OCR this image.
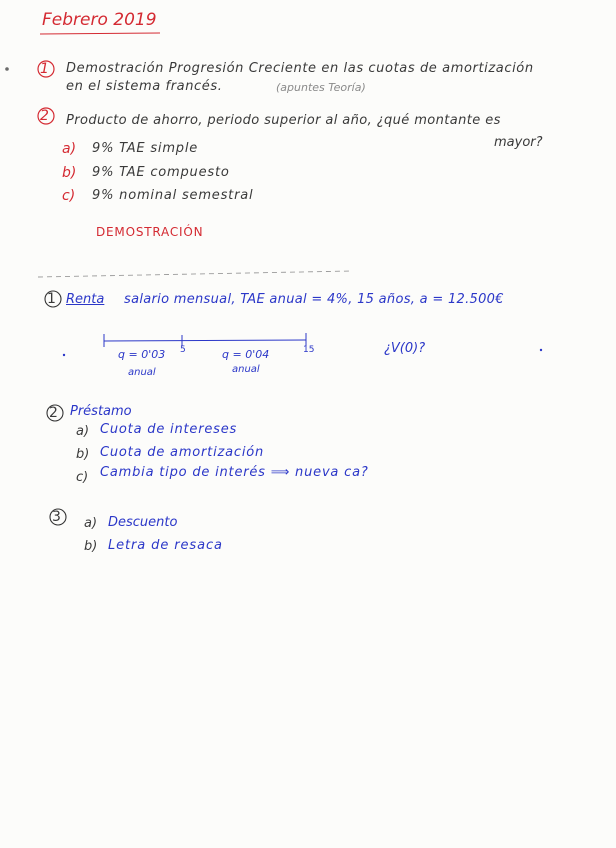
Febrero 2019
1 Demostración Progresión Creciente en las cuotas de amortización
en el sistema francés.	(apuntes Teoría)
2 Producto de ahorro, periodo superior al año, ¿qué montante es
mayor?
a) 9% TAE simple
b) 9% TAE compuesto
c) 9% nominal semestral
DEMOSTRACIÓN
1 Renta salario mensual, TAE anual = 4%, 15 años, a = 12.500€
5	15
q = 0'03
anual
q = 0'04
anual
¿V(0)?
2 Préstamo
a) Cuota de intereses
b) Cuota de amortización
c) Cambia tipo de interés ⟹ nueva ca?
3 a) Descuento
b) Letra de resaca
